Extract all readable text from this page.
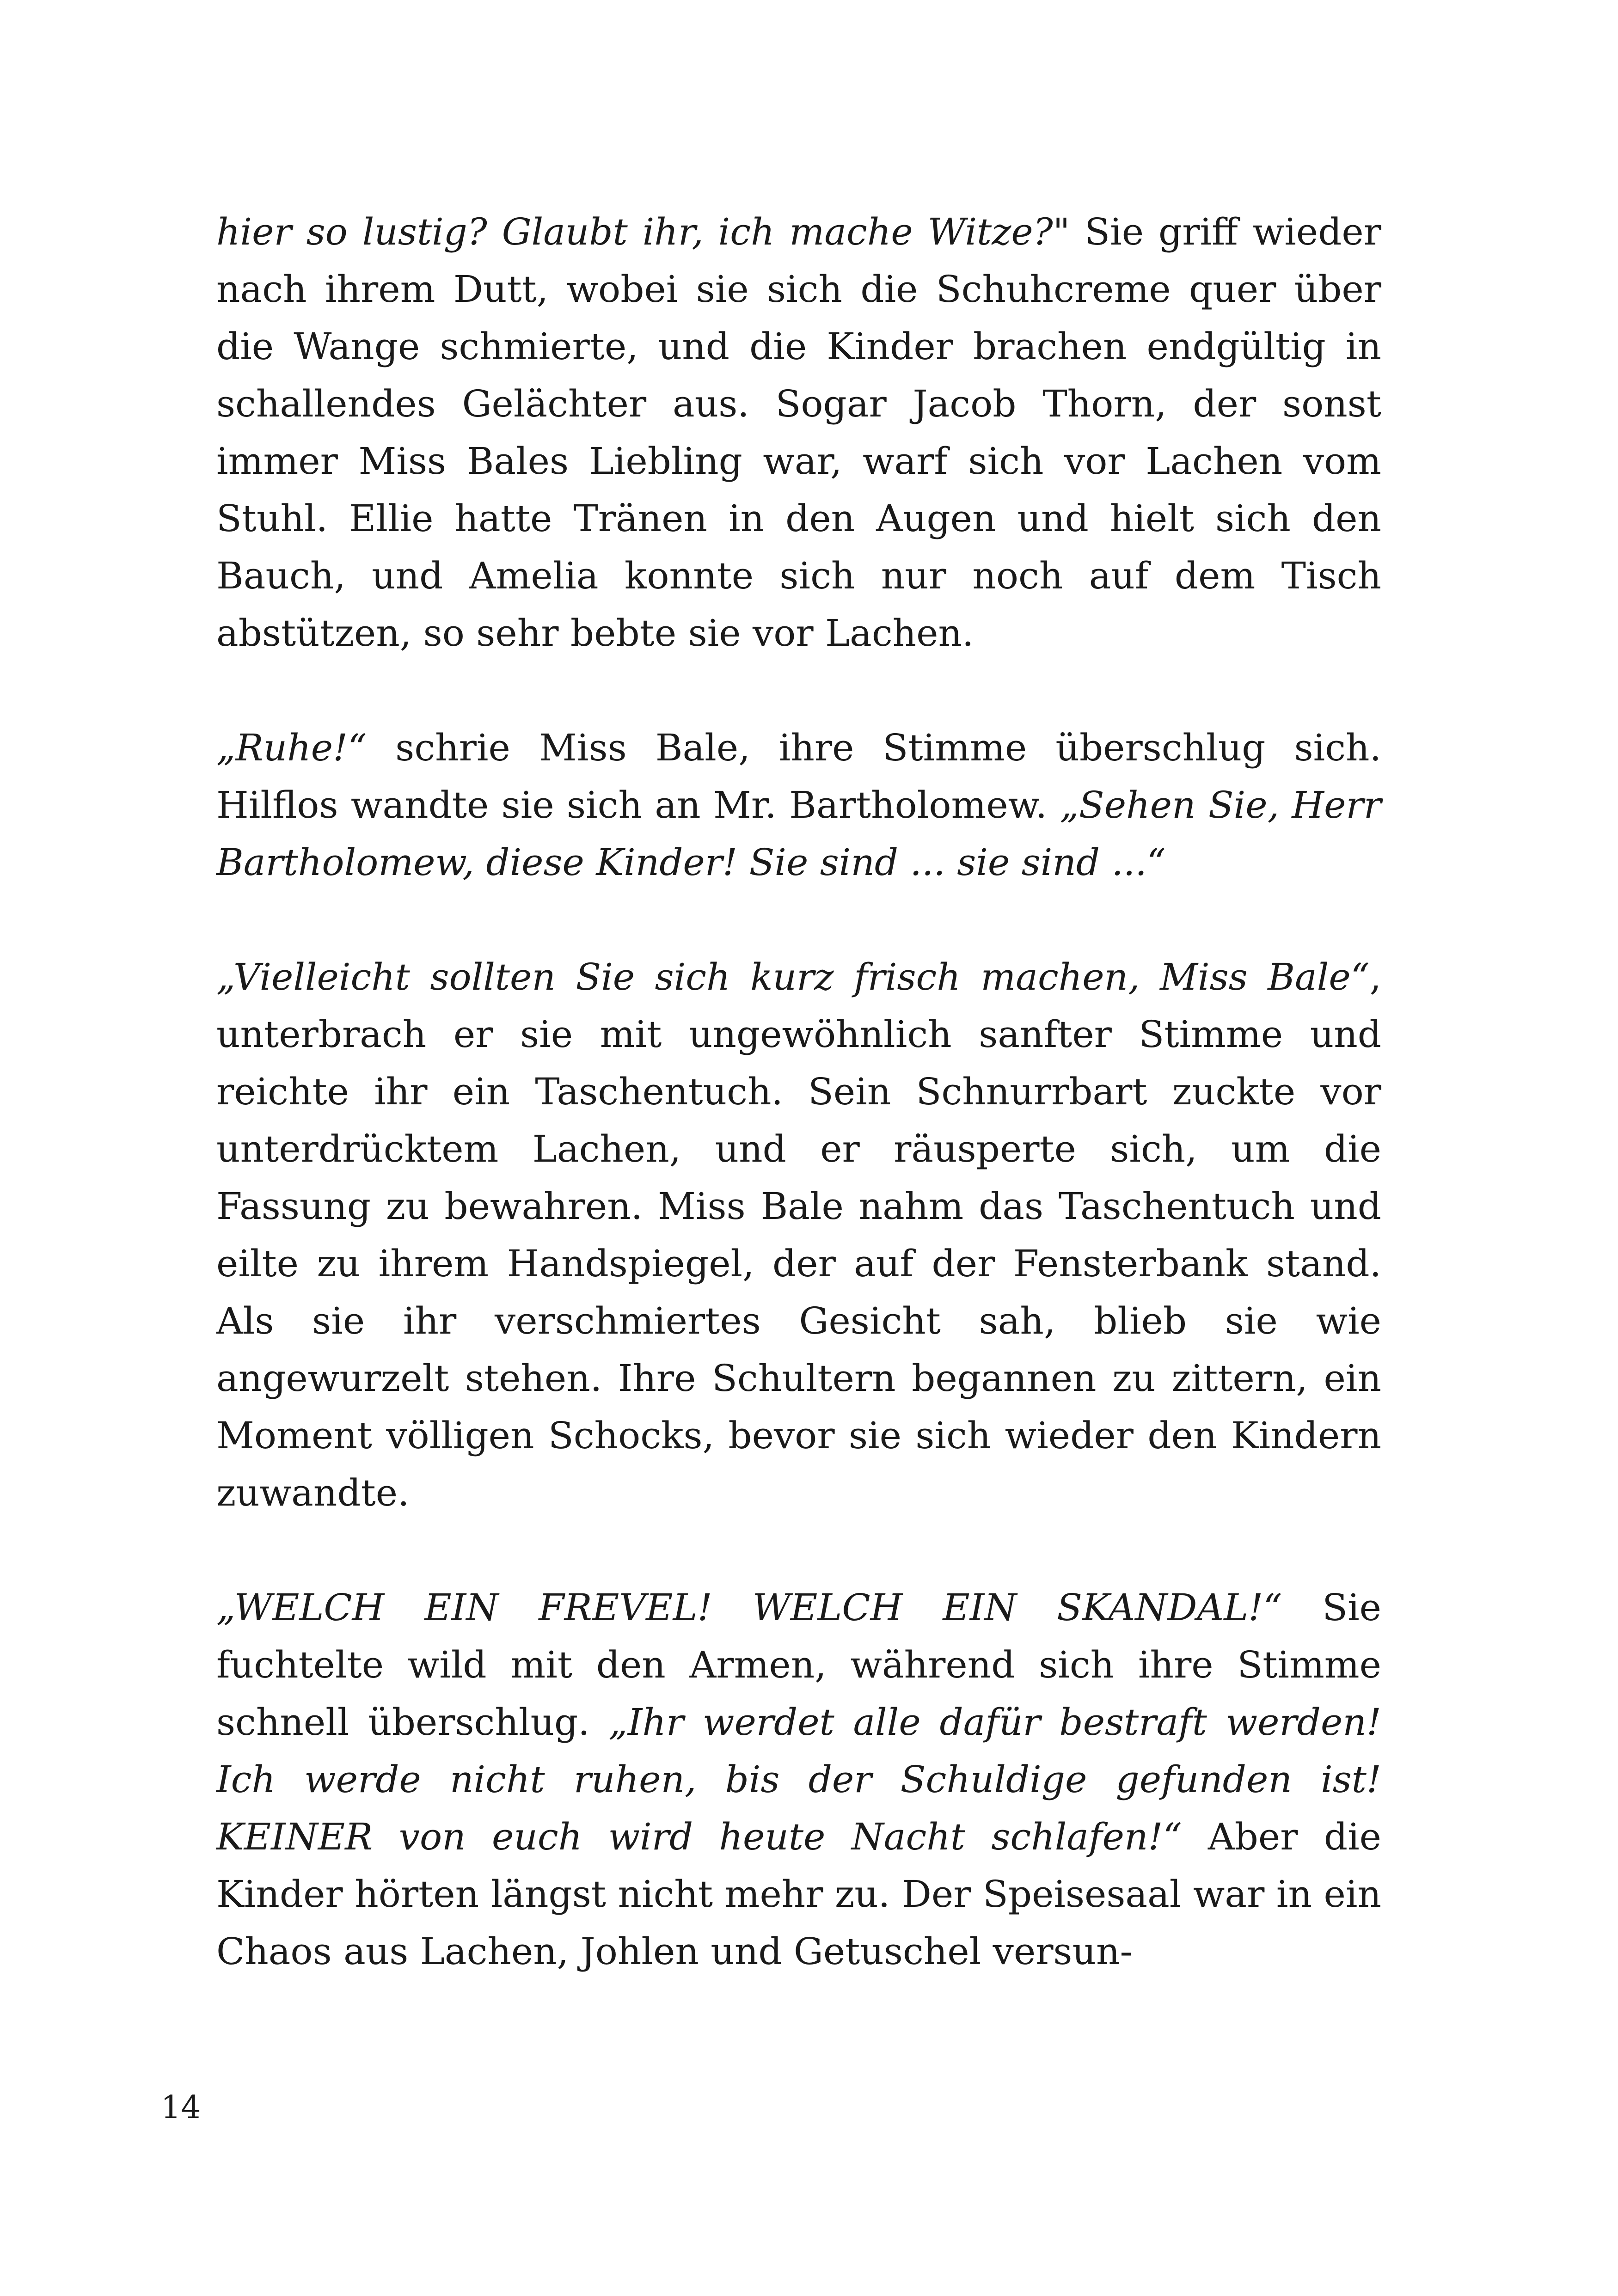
hier so lustig? Glaubt ihr, ich mache Witze?" Sie griff wieder nach ihrem Dutt, wobei sie sich die Schuhcreme quer über die Wange schmierte, und die Kinder brachen endgültig in schallendes Gelächter aus. Sogar Jacob Thorn, der sonst immer Miss Bales Liebling war, warf sich vor Lachen vom Stuhl. Ellie hatte Tränen in den Augen und hielt sich den Bauch, und Amelia konnte sich nur noch auf dem Tisch abstützen, so sehr bebte sie vor Lachen.

„Ruhe!“ schrie Miss Bale, ihre Stimme überschlug sich. Hilflos wandte sie sich an Mr. Bartholomew. „Sehen Sie, Herr Bartholomew, diese Kinder! Sie sind ... sie sind ...“

„Vielleicht sollten Sie sich kurz frisch machen, Miss Bale“, unterbrach er sie mit ungewöhnlich sanfter Stimme und reichte ihr ein Taschentuch. Sein Schnurrbart zuckte vor unterdrücktem Lachen, und er räusperte sich, um die Fassung zu bewahren. Miss Bale nahm das Taschentuch und eilte zu ihrem Handspiegel, der auf der Fensterbank stand. Als sie ihr verschmiertes Gesicht sah, blieb sie wie angewurzelt stehen. Ihre Schultern begannen zu zittern, ein Moment völligen Schocks, bevor sie sich wieder den Kindern zuwandte.

„WELCH EIN FREVEL! WELCH EIN SKANDAL!“ Sie fuchtelte wild mit den Armen, während sich ihre Stimme schnell überschlug. „Ihr werdet alle dafür bestraft werden! Ich werde nicht ruhen, bis der Schuldige gefunden ist! KEINER von euch wird heute Nacht schlafen!“ Aber die Kinder hörten längst nicht mehr zu. Der Speisesaal war in ein Chaos aus Lachen, Johlen und Getuschel versun-

14
